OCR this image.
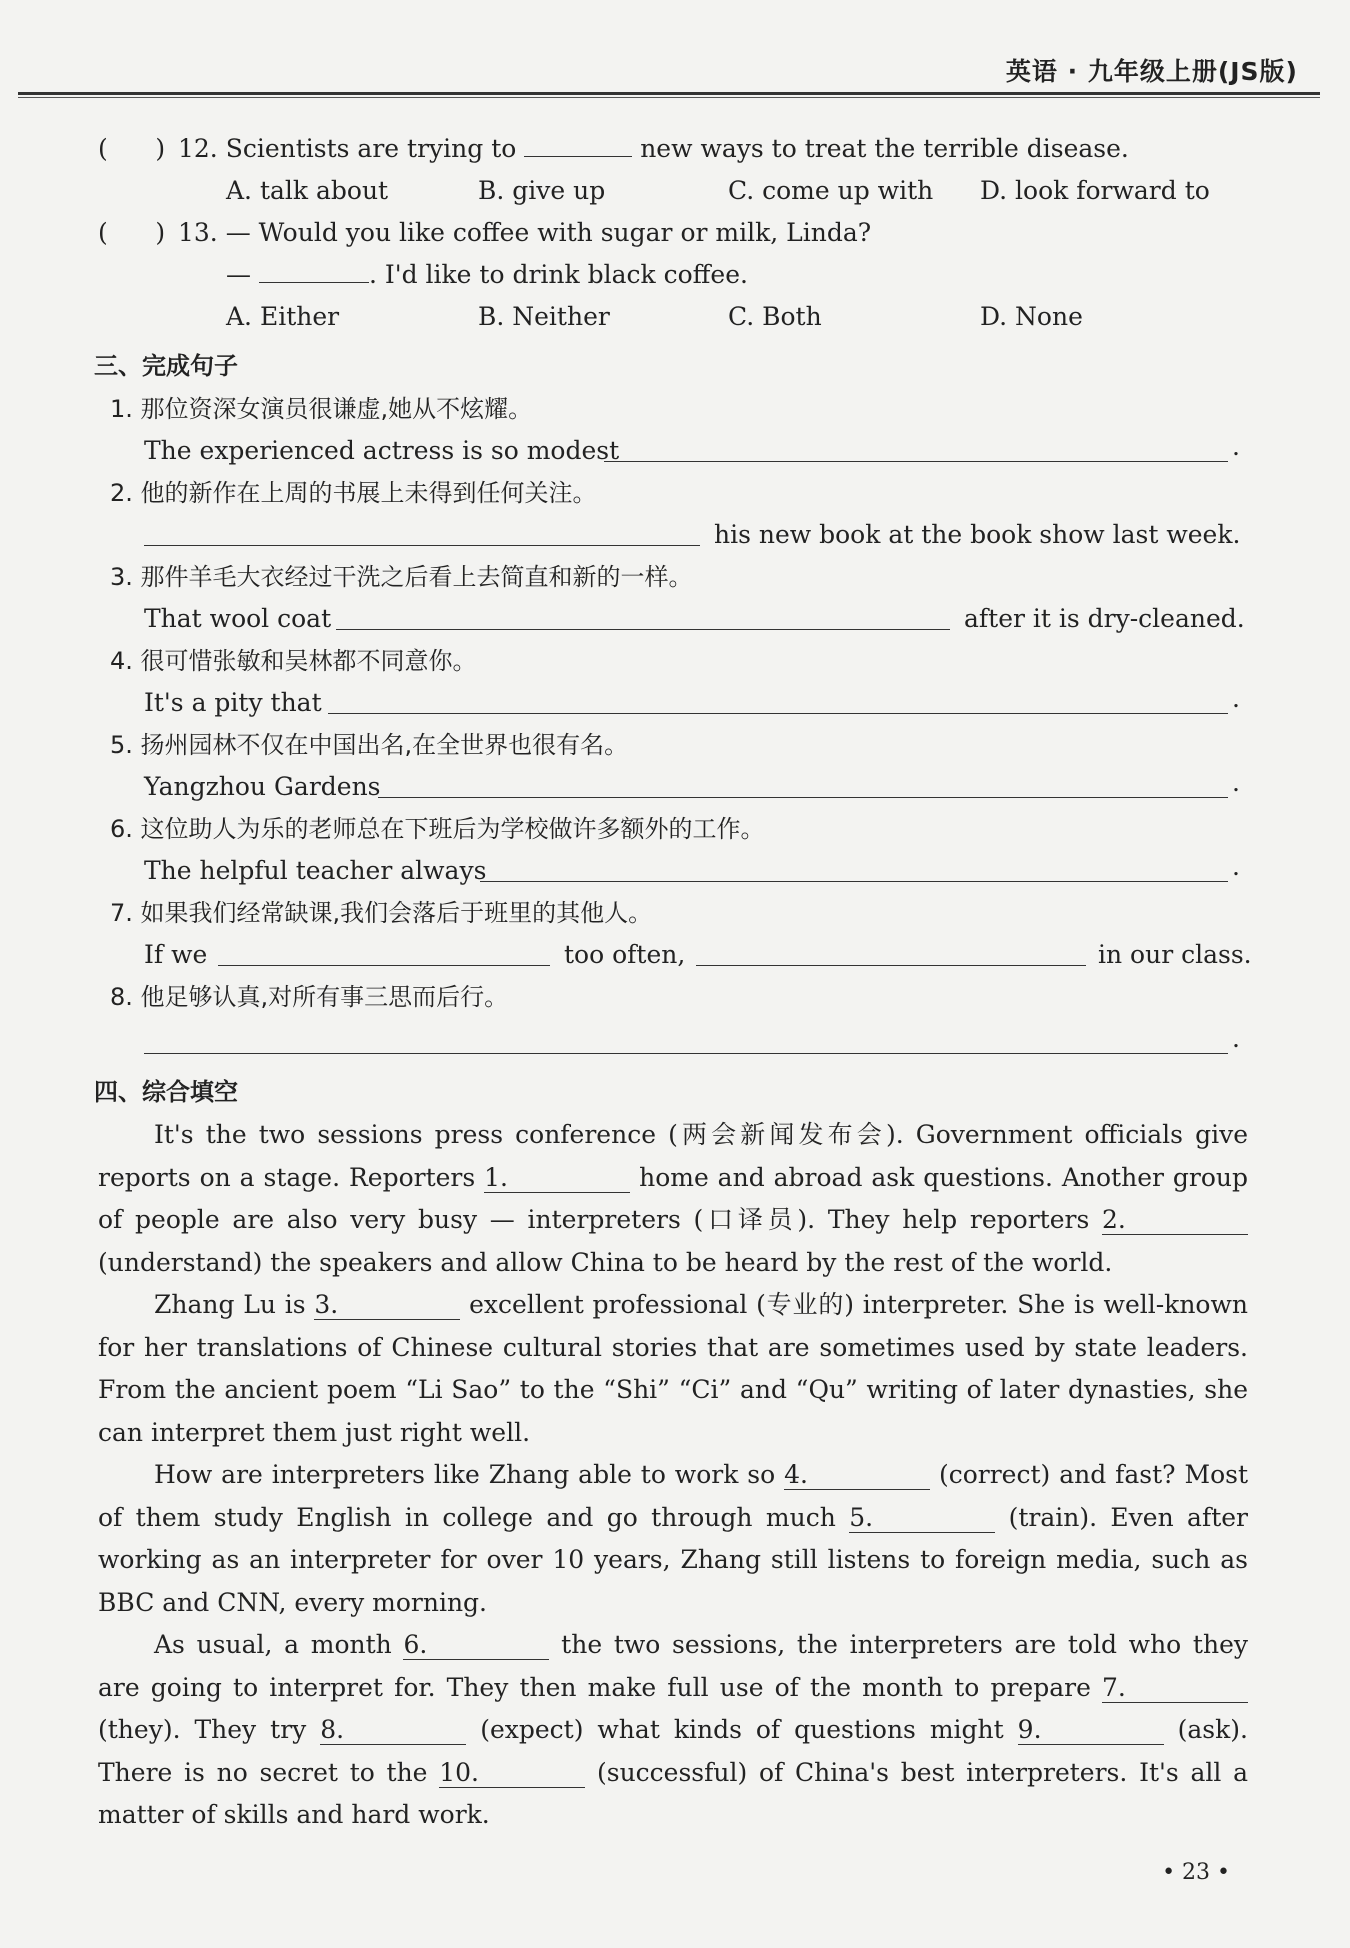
英语 · 九年级上册(JS版)
(      ) 12. Scientists are trying to	new ways to treat the terrible disease.
A. talk about	B. give up	C. come up with D. look forward to
(      ) 13. — Would you like coffee with sugar or milk, Linda?
—	. I'd like to drink black coffee.
A. Either	B. Neither	C. Both	D. None
三、完成句子
1. 那位资深女演员很谦虚,她从不炫耀。
The experienced actress is so modest	.
2. 他的新作在上周的书展上未得到任何关注。
his new book at the book show last week.
3. 那件羊毛大衣经过干洗之后看上去简直和新的一样。
That wool coat	after it is dry-cleaned.
4. 很可惜张敏和吴林都不同意你。
It's a pity that	.
5. 扬州园林不仅在中国出名,在全世界也很有名。
Yangzhou Gardens	.
6. 这位助人为乐的老师总在下班后为学校做许多额外的工作。
The helpful teacher always	.
7. 如果我们经常缺课,我们会落后于班里的其他人。
If we	too often,	in our class.
8. 他足够认真,对所有事三思而后行。
.
四、综合填空

It's the two sessions press conference (两会新闻发布会). Government officials give reports on a stage. Reporters 1.	home and abroad ask questions. Another group of people are also very busy — interpreters (口译员). They help reporters 2. (understand) the speakers and allow China to be heard by the rest of the world.

Zhang Lu is 3.	excellent professional (专业的) interpreter. She is well-known for her translations of Chinese cultural stories that are sometimes used by state leaders. From the ancient poem “Li Sao” to the “Shi” “Ci” and “Qu” writing of later dynasties, she can interpret them just right well.

How are interpreters like Zhang able to work so 4.	(correct) and fast? Most of them study English in college and go through much 5.	(train). Even after working as an interpreter for over 10 years, Zhang still listens to foreign media, such as BBC and CNN, every morning.

As usual, a month 6.	the two sessions, the interpreters are told who they are going to interpret for. They then make full use of the month to prepare 7. (they). They try 8.	(expect) what kinds of questions might 9.	(ask). There is no secret to the 10.	(successful) of China's best interpreters. It's all a matter of skills and hard work.

• 23 •
